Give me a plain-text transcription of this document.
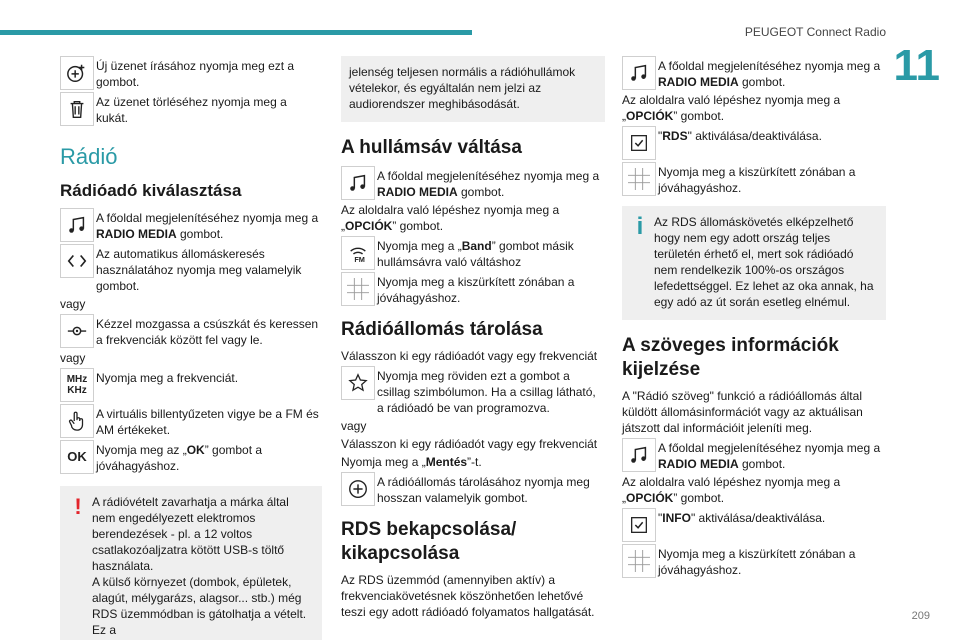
PEUGEOT Connect Radio
11
209
Új üzenet írásához nyomja meg ezt a gombot.
Az üzenet törléséhez nyomja meg a kukát.
Rádió
Rádióadó kiválasztása
A főoldal megjelenítéséhez nyomja meg a RADIO MEDIA gombot.
Az automatikus állomáskeresés használatához nyomja meg valamelyik gombot.
vagy
Kézzel mozgassa a csúszkát és keressen a frekvenciák között fel vagy le.
vagy
MHz KHz
Nyomja meg a frekvenciát.
A virtuális billentyűzeten vigye be a FM és AM értékeket.
OK Nyomja meg az „OK” gombot a jóváhagyáshoz.
! A rádióvételt zavarhatja a márka által nem engedélyezett elektromos berendezések - pl. a 12 voltos csatlakozóaljzatra kötött USB-s töltő használata.
A külső környezet (dombok, épületek, alagút, mélygarázs, alagsor... stb.) még RDS üzemmódban is gátolhatja a vételt. Ez a
jelenség teljesen normális a rádióhullámok vételekor, és egyáltalán nem jelzi az audiorendszer meghibásodását.
A hullámsáv váltása
A főoldal megjelenítéséhez nyomja meg a RADIO MEDIA gombot.
Az aloldalra való lépéshez nyomja meg a „OPCIÓK” gombot.
FM
Nyomja meg a „Band” gombot másik hullámsávra való váltáshoz
Nyomja meg a kiszürkített zónában a jóváhagyáshoz.
Rádióállomás tárolása
Válasszon ki egy rádióadót vagy egy frekvenciát
Nyomja meg röviden ezt a gombot a csillag szimbólumon. Ha a csillag látható, a rádióadó be van programozva.
vagy
Válasszon ki egy rádióadót vagy egy frekvenciát
Nyomja meg a „Mentés”-t.
A rádióállomás tárolásához nyomja meg hosszan valamelyik gombot.
RDS bekapcsolása/ kikapcsolása
Az RDS üzemmód (amennyiben aktív) a frekvenciakövetésnek köszönhetően lehetővé teszi egy adott rádióadó folyamatos hallgatását.
A főoldal megjelenítéséhez nyomja meg a RADIO MEDIA gombot.
Az aloldalra való lépéshez nyomja meg a „OPCIÓK” gombot.
"RDS" aktiválása/deaktiválása.
Nyomja meg a kiszürkített zónában a jóváhagyáshoz.
i Az RDS állomáskövetés elképzelhető hogy nem egy adott ország teljes területén érhető el, mert sok rádióadó nem rendelkezik 100%-os országos lefedettséggel. Ez lehet az oka annak, ha egy adó az út során esetleg elnémul.
A szöveges információk kijelzése
A "Rádió szöveg" funkció a rádióállomás által küldött állomásinformációt vagy az aktuálisan játszott dal információit jeleníti meg.
A főoldal megjelenítéséhez nyomja meg a RADIO MEDIA gombot.
Az aloldalra való lépéshez nyomja meg a „OPCIÓK” gombot.
"INFO" aktiválása/deaktiválása.
Nyomja meg a kiszürkített zónában a jóváhagyáshoz.
